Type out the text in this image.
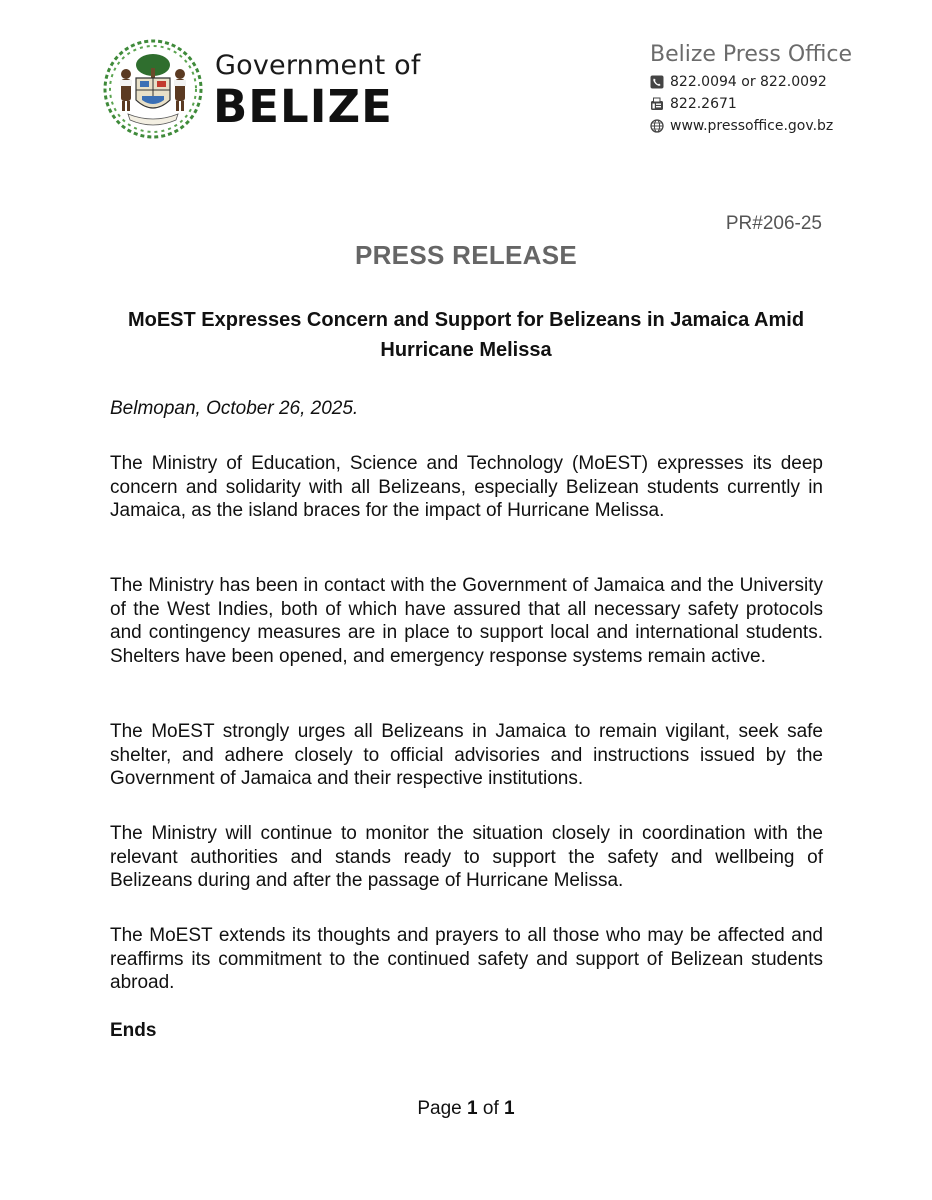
Government of
BELIZE
Belize Press Office
822.0094 or 822.0092
822.2671
www.pressoffice.gov.bz
PR#206-25
PRESS RELEASE
MoEST Expresses Concern and Support for Belizeans in Jamaica Amid Hurricane Melissa
Belmopan, October 26, 2025.

The Ministry of Education, Science and Technology (MoEST) expresses its deep concern and solidarity with all Belizeans, especially Belizean students currently in Jamaica, as the island braces for the impact of Hurricane Melissa.

The Ministry has been in contact with the Government of Jamaica and the University of the West Indies, both of which have assured that all necessary safety protocols and contingency measures are in place to support local and international students. Shelters have been opened, and emergency response systems remain active.

The MoEST strongly urges all Belizeans in Jamaica to remain vigilant, seek safe shelter, and adhere closely to official advisories and instructions issued by the Government of Jamaica and their respective institutions.

The Ministry will continue to monitor the situation closely in coordination with the relevant authorities and stands ready to support the safety and wellbeing of Belizeans during and after the passage of Hurricane Melissa.

The MoEST extends its thoughts and prayers to all those who may be affected and reaffirms its commitment to the continued safety and support of Belizean students abroad.

Ends
Page 1 of 1
